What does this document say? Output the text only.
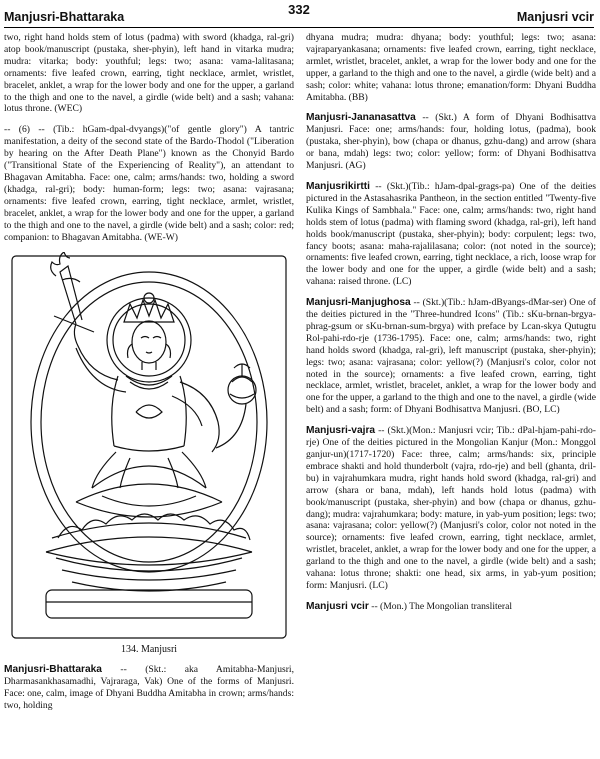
Manjusri-Bhattaraka	332	Manjusri vcir

two, right hand holds stem of lotus (padma) with sword (khadga, ral-gri) atop book/manuscript (pustaka, sher-phyin), left hand in vitarka mudra; mudra: vitarka; body: youthful; legs: two; asana: vama-lalitasana; ornaments: five leafed crown, earring, tight necklace, armlet, wristlet, bracelet, anklet, a wrap for the lower body and one for the upper, a garland to the thigh and one to the navel, a girdle (wide belt) and a sash; vahana: lotus throne. (WEC)

-- (6) -- (Tib.: hGam-dpal-dvyangs)("of gentle glory") A tantric manifestation, a deity of the second state of the Bardo-Thodol ("Liberation by hearing on the After Death Plane") known as the Chonyid Bardo ("Transitional State of the Experiencing of Reality"), an attendant to Bhagavan Amitabha. Face: one, calm; arms/hands: two, holding a sword (khadga, ral-gri); body: human-form; legs: two; asana: vajrasana; ornaments: five leafed crown, earring, tight necklace, armlet, wristlet, bracelet, anklet, a wrap for the lower body and one for the upper, a garland to the thigh and one to the navel, a girdle (wide belt) and a sash; color: red; companion: to Bhagavan Amitabha. (WE-W)

134. Manjusri

Manjusri-Bhattaraka -- (Skt.: aka Amitabha-Manjusri, Dharmasankhasamadhi, Vajraraga, Vak) One of the forms of Manjusri. Face: one, calm, image of Dhyani Buddha Amitabha in crown; arms/hands: two, holding

dhyana mudra; mudra: dhyana; body: youthful; legs: two; asana: vajraparyankasana; ornaments: five leafed crown, earring, tight necklace, armlet, wristlet, bracelet, anklet, a wrap for the lower body and one for the upper, a garland to the thigh and one to the navel, a girdle (wide belt) and a sash; color: white; vahana: lotus throne; emanation/form: Dhyani Buddha Amitabha. (BB)

Manjusri-Jananasattva -- (Skt.) A form of Dhyani Bodhisattva Manjusri. Face: one; arms/hands: four, holding lotus, (padma), book (pustaka, sher-phyin), bow (chapa or dhanus, gzhu-dang) and arrow (shara or bana, mdah) legs: two; color: yellow; form: of Dhyani Bodhisattva Manjusri. (AG)

Manjusrikirtti -- (Skt.)(Tib.: hJam-dpal-grags-pa) One of the deities pictured in the Astasahasrika Pantheon, in the section entitled "Twenty-five Kulika Kings of Sambhala." Face: one, calm; arms/hands: two, right hand holds stem of lotus (padma) with flaming sword (khadga, ral-gri), left hand holds book/manuscript (pustaka, sher-phyin); body: corpulent; legs: two, fancy boots; asana: maha-rajalilasana; color: (not noted in the source); ornaments: five leafed crown, earring, tight necklace, a rich, loose wrap for the lower body and one for the upper, a girdle (wide belt) and a sash; vahana: raised throne. (LC)

Manjusri-Manjughosa -- (Skt.)(Tib.: hJam-dByangs-dMar-ser) One of the deities pictured in the "Three-hundred Icons" (Tib.: sKu-brnan-brgya-phrag-gsum or sKu-brnan-sum-brgya) with preface by Lcan-skya Qutugtu Rol-pahi-rdo-rje (1736-1795). Face: one, calm; arms/hands: two, right hand holds sword (khadga, ral-gri), left manuscript (pustaka, sher-phyin); legs: two; asana: vajrasana; color: yellow(?) (Manjusri's color, color not noted in the source); ornaments: a five leafed crown, earring, tight necklace, armlet, wristlet, bracelet, anklet, a wrap for the lower body and one for the upper, a garland to the thigh and one to the navel, a girdle (wide belt) and a sash; form: of Dhyani Bodhisattva Manjusri. (BO, LC)

Manjusri-vajra -- (Skt.)(Mon.: Manjusri vcir; Tib.: dPal-hjam-pahi-rdo-rje) One of the deities pictured in the Mongolian Kanjur (Mon.: Monggol ganjur-un)(1717-1720) Face: three, calm; arms/hands: six, principle embrace shakti and hold thunderbolt (vajra, rdo-rje) and bell (ghanta, dril-bu) in vajrahumkara mudra, right hands hold sword (khadga, ral-gri) and arrow (shara or bana, mdah), left hands hold lotus (padma) with book/manuscript (pustaka, sher-phyin) and bow (chapa or dhanus, gzhu-dang); mudra: vajrahumkara; body: mature, in yab-yum position; legs: two; asana: vajrasana; color: yellow(?) (Manjusri's color, color not noted in the source); ornaments: five leafed crown, earring, tight necklace, armlet, wristlet, bracelet, anklet, a wrap for the lower body and one for the upper, a garland to the thigh and one to the navel, a girdle (wide belt) and a sash; vahana: lotus throne; shakti: one head, six arms, in yab-yum position; form: Manjusri. (LC)

Manjusri vcir -- (Mon.) The Mongolian transliteral
